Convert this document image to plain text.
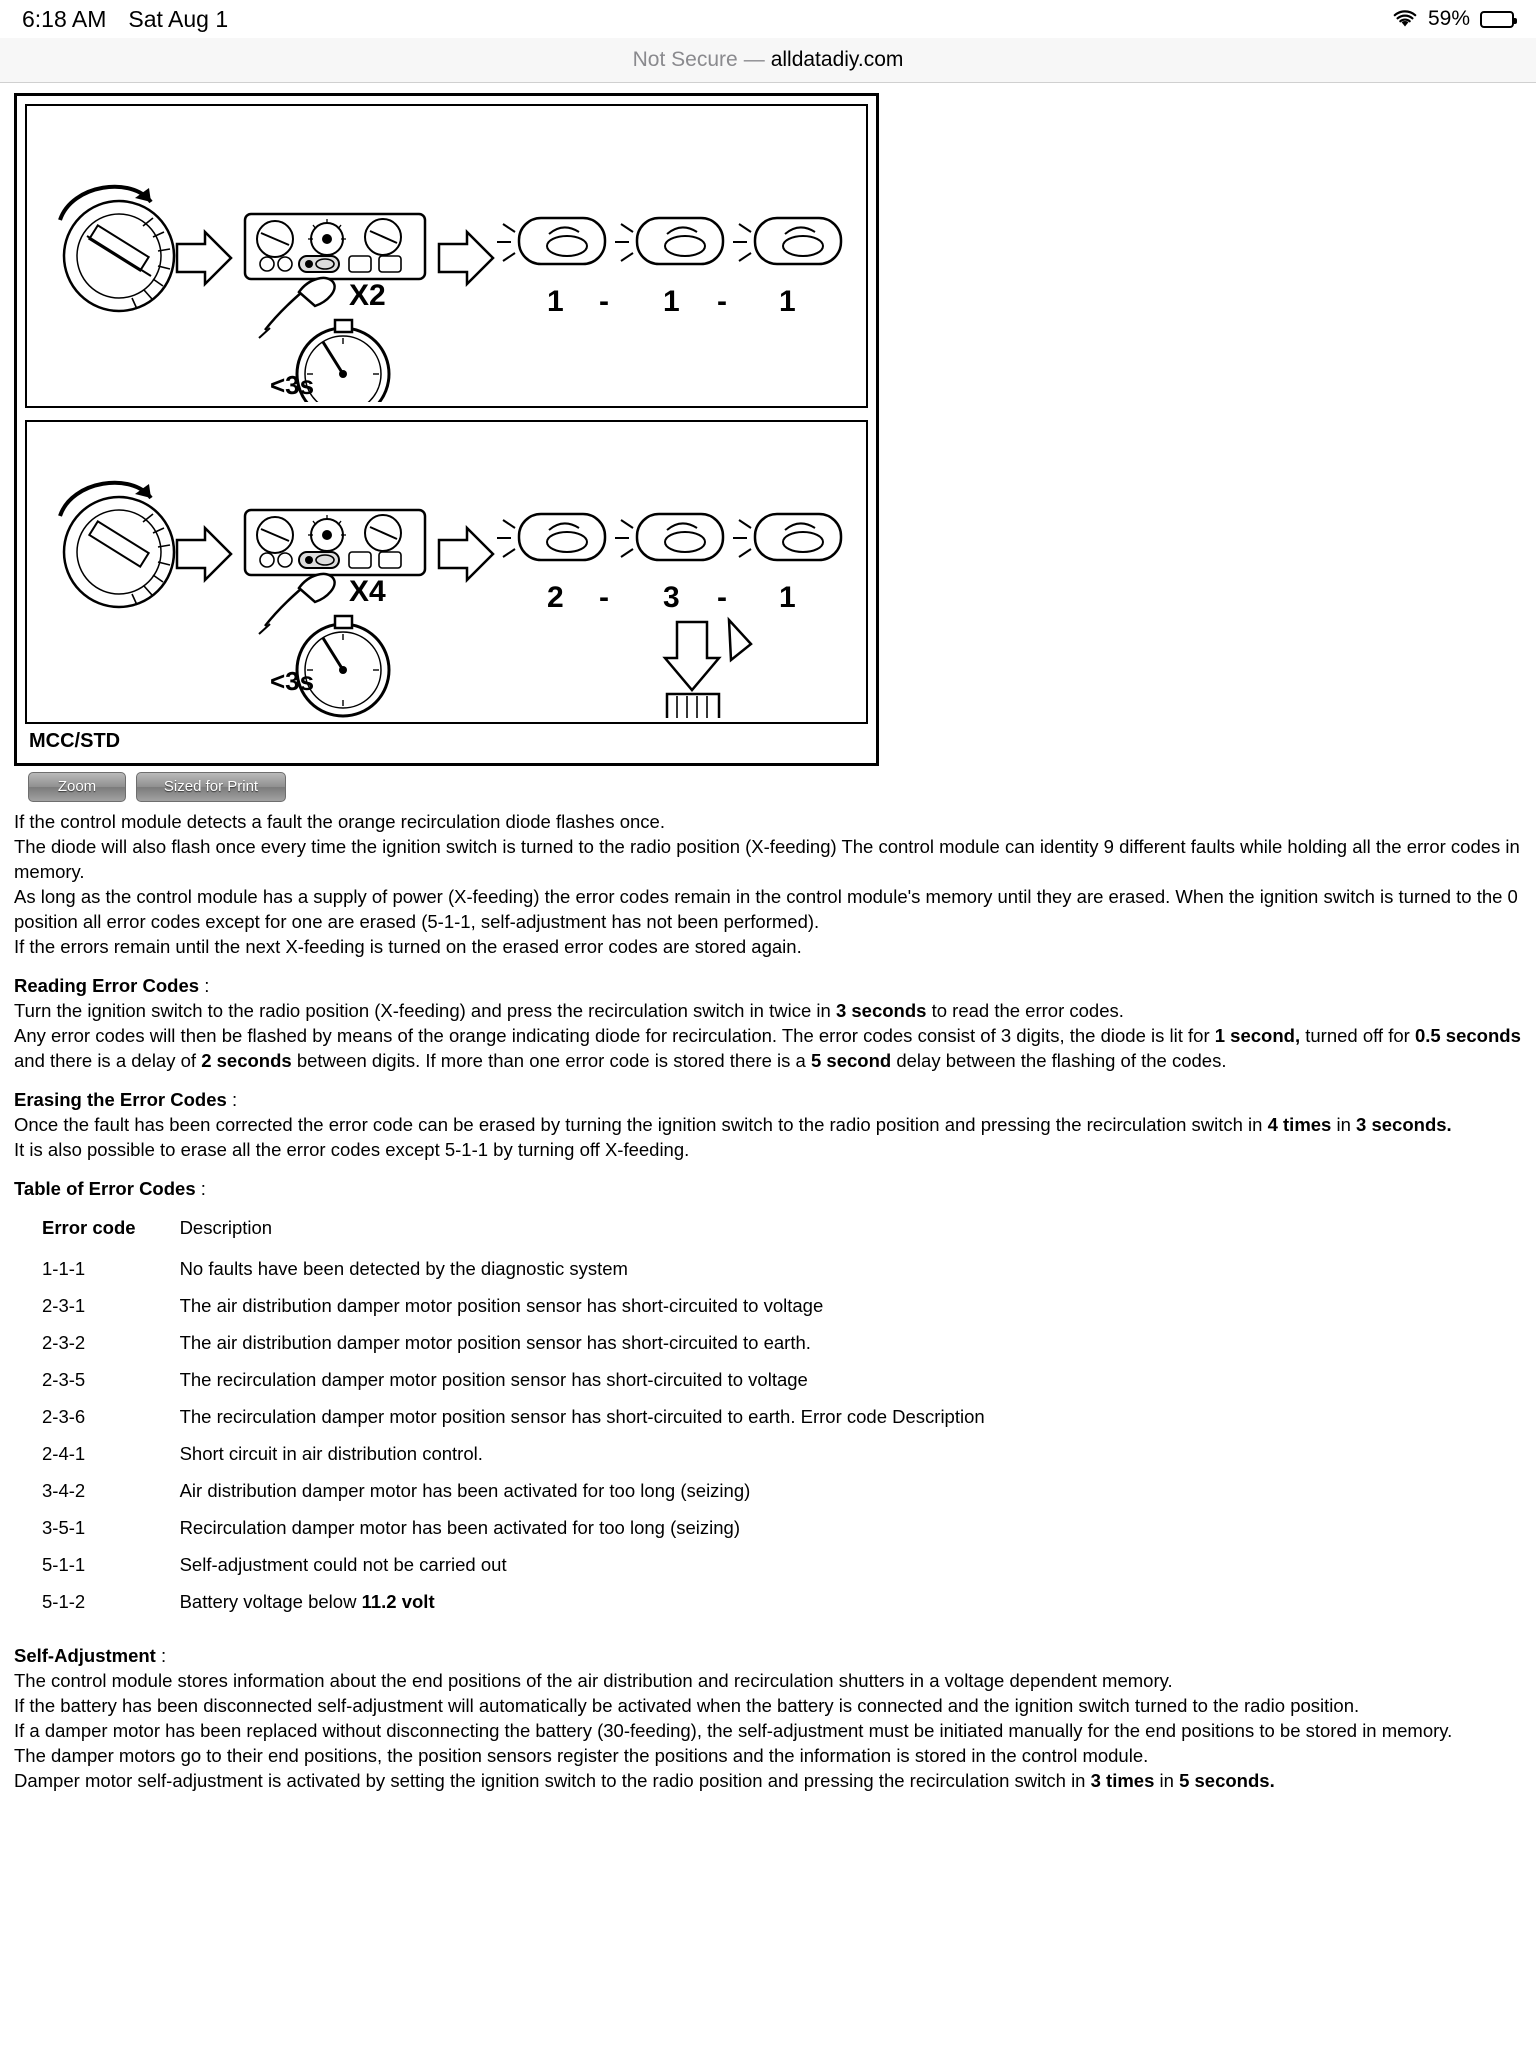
6:18 AM Sat Aug 1	59%
Not Secure — alldatadiy.com
X2
<3s
1 - 1 - 1
X4
<3s
2 - 3 - 1
MCC/STD
Zoom	Sized for Print
If the control module detects a fault the orange recirculation diode flashes once.
The diode will also flash once every time the ignition switch is turned to the radio position (X-feeding) The control module can identity 9 different faults while holding all the error codes in memory.
As long as the control module has a supply of power (X-feeding) the error codes remain in the control module's memory until they are erased. When the ignition switch is turned to the 0 position all error codes except for one are erased (5-1-1, self-adjustment has not been performed).
If the errors remain until the next X-feeding is turned on the erased error codes are stored again.
Reading Error Codes :
Turn the ignition switch to the radio position (X-feeding) and press the recirculation switch in twice in 3 seconds to read the error codes.
Any error codes will then be flashed by means of the orange indicating diode for recirculation. The error codes consist of 3 digits, the diode is lit for 1 second, turned off for 0.5 seconds and there is a delay of 2 seconds between digits. If more than one error code is stored there is a 5 second delay between the flashing of the codes.
Erasing the Error Codes :
Once the fault has been corrected the error code can be erased by turning the ignition switch to the radio position and pressing the recirculation switch in 4 times in 3 seconds.
It is also possible to erase all the error codes except 5-1-1 by turning off X-feeding.
Table of Error Codes :
Error code	Description
1-1-1	No faults have been detected by the diagnostic system
2-3-1	The air distribution damper motor position sensor has short-circuited to voltage
2-3-2	The air distribution damper motor position sensor has short-circuited to earth.
2-3-5	The recirculation damper motor position sensor has short-circuited to voltage
2-3-6	The recirculation damper motor position sensor has short-circuited to earth. Error code Description
2-4-1	Short circuit in air distribution control.
3-4-2	Air distribution damper motor has been activated for too long (seizing)
3-5-1	Recirculation damper motor has been activated for too long (seizing)
5-1-1	Self-adjustment could not be carried out
5-1-2	Battery voltage below 11.2 volt
Self-Adjustment :
The control module stores information about the end positions of the air distribution and recirculation shutters in a voltage dependent memory.
If the battery has been disconnected self-adjustment will automatically be activated when the battery is connected and the ignition switch turned to the radio position.
If a damper motor has been replaced without disconnecting the battery (30-feeding), the self-adjustment must be initiated manually for the end positions to be stored in memory.
The damper motors go to their end positions, the position sensors register the positions and the information is stored in the control module.
Damper motor self-adjustment is activated by setting the ignition switch to the radio position and pressing the recirculation switch in 3 times in 5 seconds.
